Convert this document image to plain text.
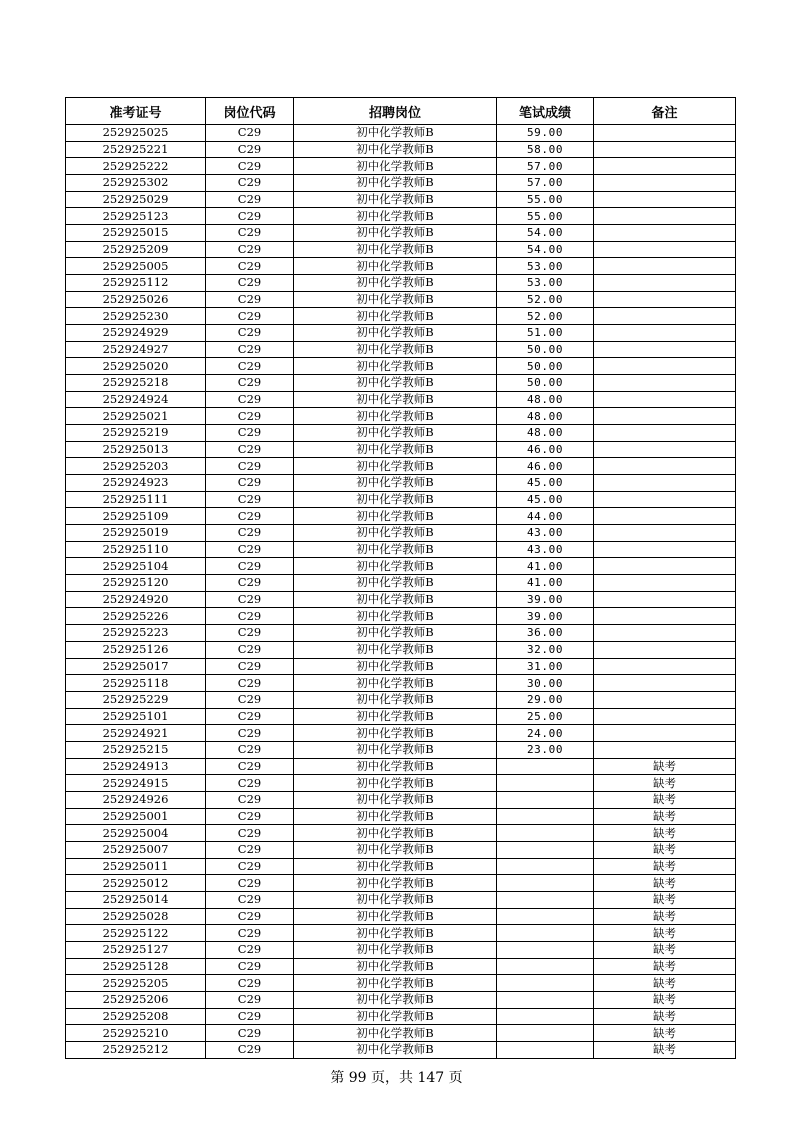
准考证号	岗位代码	招聘岗位	笔试成绩	备注
252925025	C29	初中化学教师B	59.00	
252925221	C29	初中化学教师B	58.00	
252925222	C29	初中化学教师B	57.00	
252925302	C29	初中化学教师B	57.00	
252925029	C29	初中化学教师B	55.00	
252925123	C29	初中化学教师B	55.00	
252925015	C29	初中化学教师B	54.00	
252925209	C29	初中化学教师B	54.00	
252925005	C29	初中化学教师B	53.00	
252925112	C29	初中化学教师B	53.00	
252925026	C29	初中化学教师B	52.00	
252925230	C29	初中化学教师B	52.00	
252924929	C29	初中化学教师B	51.00	
252924927	C29	初中化学教师B	50.00	
252925020	C29	初中化学教师B	50.00	
252925218	C29	初中化学教师B	50.00	
252924924	C29	初中化学教师B	48.00	
252925021	C29	初中化学教师B	48.00	
252925219	C29	初中化学教师B	48.00	
252925013	C29	初中化学教师B	46.00	
252925203	C29	初中化学教师B	46.00	
252924923	C29	初中化学教师B	45.00	
252925111	C29	初中化学教师B	45.00	
252925109	C29	初中化学教师B	44.00	
252925019	C29	初中化学教师B	43.00	
252925110	C29	初中化学教师B	43.00	
252925104	C29	初中化学教师B	41.00	
252925120	C29	初中化学教师B	41.00	
252924920	C29	初中化学教师B	39.00	
252925226	C29	初中化学教师B	39.00	
252925223	C29	初中化学教师B	36.00	
252925126	C29	初中化学教师B	32.00	
252925017	C29	初中化学教师B	31.00	
252925118	C29	初中化学教师B	30.00	
252925229	C29	初中化学教师B	29.00	
252925101	C29	初中化学教师B	25.00	
252924921	C29	初中化学教师B	24.00	
252925215	C29	初中化学教师B	23.00	
252924913	C29	初中化学教师B		缺考
252924915	C29	初中化学教师B		缺考
252924926	C29	初中化学教师B		缺考
252925001	C29	初中化学教师B		缺考
252925004	C29	初中化学教师B		缺考
252925007	C29	初中化学教师B		缺考
252925011	C29	初中化学教师B		缺考
252925012	C29	初中化学教师B		缺考
252925014	C29	初中化学教师B		缺考
252925028	C29	初中化学教师B		缺考
252925122	C29	初中化学教师B		缺考
252925127	C29	初中化学教师B		缺考
252925128	C29	初中化学教师B		缺考
252925205	C29	初中化学教师B		缺考
252925206	C29	初中化学教师B		缺考
252925208	C29	初中化学教师B		缺考
252925210	C29	初中化学教师B		缺考
252925212	C29	初中化学教师B		缺考
第 99 页，共 147 页
